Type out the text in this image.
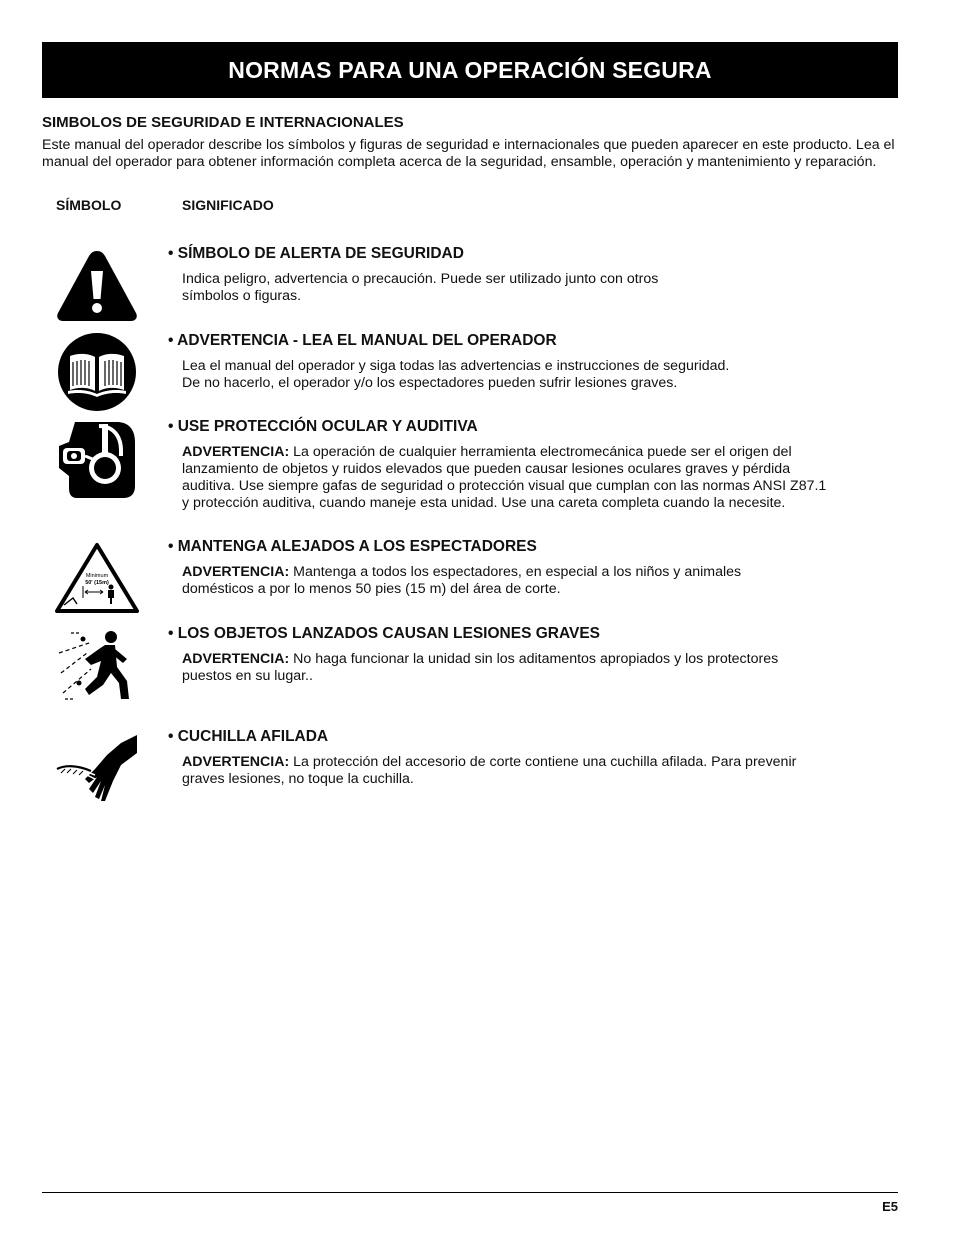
NORMAS PARA UNA OPERACIÓN SEGURA
SIMBOLOS DE SEGURIDAD E INTERNACIONALES

Este manual del operador describe los símbolos y figuras de seguridad e internacionales que pueden aparecer en este producto. Lea el manual del operador para obtener información completa acerca de la seguridad, ensamble, operación y mantenimiento y reparación.

SÍMBOLO	SIGNIFICADO
• SÍMBOLO DE ALERTA DE SEGURIDAD

Indica peligro, advertencia o precaución. Puede ser utilizado junto con otros
símbolos o figuras.

• ADVERTENCIA - LEA EL MANUAL DEL OPERADOR

Lea el manual del operador y siga todas las advertencias e instrucciones de seguridad.
De no hacerlo, el operador y/o los espectadores pueden sufrir lesiones graves.

• USE PROTECCIÓN OCULAR Y AUDITIVA

ADVERTENCIA: La operación de cualquier herramienta electromecánica puede ser el origen del
lanzamiento de objetos y ruidos elevados que pueden causar lesiones oculares graves y pérdida
auditiva. Use siempre gafas de seguridad o protección visual que cumplan con las normas ANSI Z87.1
y protección auditiva, cuando maneje esta unidad. Use una careta completa cuando la necesite.

Minimum
50' (15m)
• MANTENGA ALEJADOS A LOS ESPECTADORES

ADVERTENCIA: Mantenga a todos los espectadores, en especial a los niños y animales
domésticos a por lo menos 50 pies (15 m) del área de corte.

• LOS OBJETOS LANZADOS CAUSAN LESIONES GRAVES

ADVERTENCIA: No haga funcionar la unidad sin los aditamentos apropiados y los protectores
puestos en su lugar..

• CUCHILLA AFILADA

ADVERTENCIA: La protección del accesorio de corte contiene una cuchilla afilada. Para prevenir
graves lesiones, no toque la cuchilla.

E5
